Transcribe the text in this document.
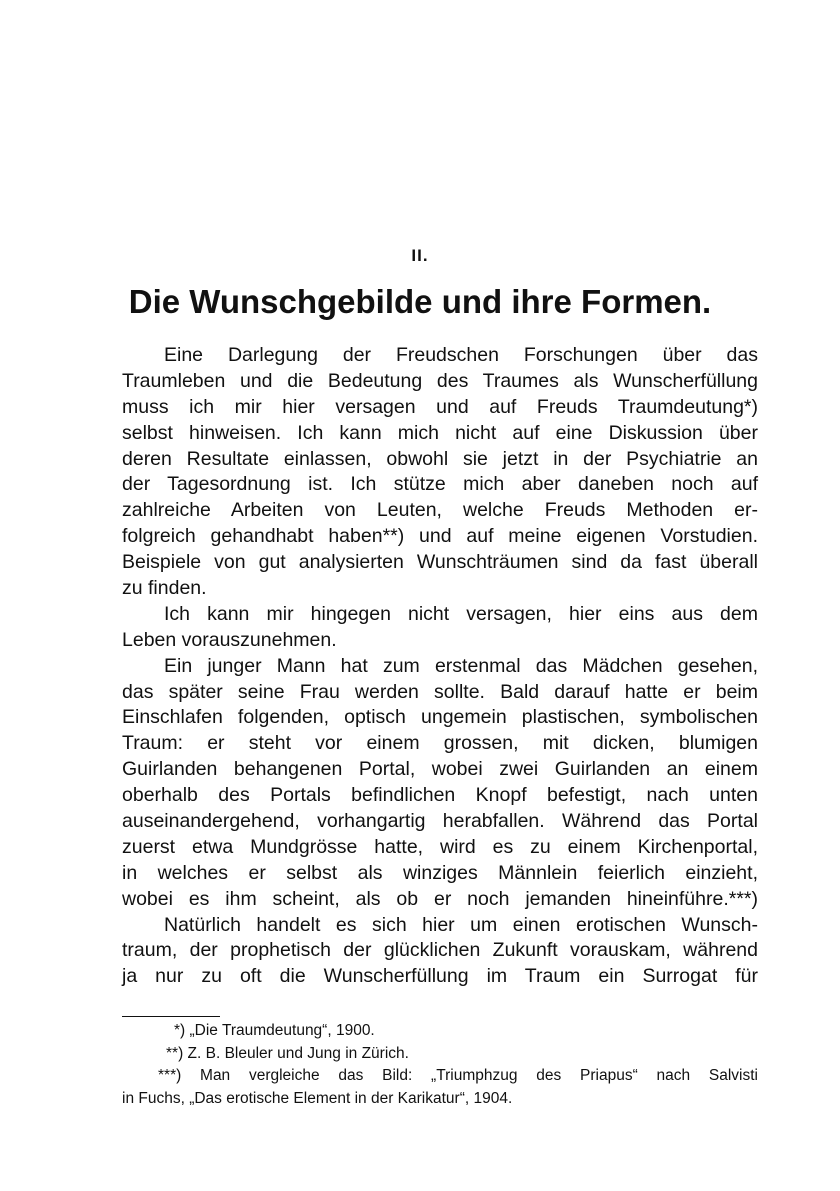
II.
Die Wunschgebilde und ihre Formen.
Eine Darlegung der Freudschen Forschungen über das
Traumleben und die Bedeutung des Traumes als Wunscherfüllung
muss ich mir hier versagen und auf Freuds Traumdeutung*)
selbst hinweisen. Ich kann mich nicht auf eine Diskussion über
deren Resultate einlassen, obwohl sie jetzt in der Psychiatrie an
der Tagesordnung ist. Ich stütze mich aber daneben noch auf
zahlreiche Arbeiten von Leuten, welche Freuds Methoden er-
folgreich gehandhabt haben**) und auf meine eigenen Vorstudien.
Beispiele von gut analysierten Wunschträumen sind da fast überall
zu finden.
Ich kann mir hingegen nicht versagen, hier eins aus dem
Leben vorauszunehmen.
Ein junger Mann hat zum erstenmal das Mädchen gesehen,
das später seine Frau werden sollte. Bald darauf hatte er beim
Einschlafen folgenden, optisch ungemein plastischen, symbolischen
Traum: er steht vor einem grossen, mit dicken, blumigen
Guirlanden behangenen Portal, wobei zwei Guirlanden an einem
oberhalb des Portals befindlichen Knopf befestigt, nach unten
auseinandergehend, vorhangartig herabfallen. Während das Portal
zuerst etwa Mundgrösse hatte, wird es zu einem Kirchenportal,
in welches er selbst als winziges Männlein feierlich einzieht,
wobei es ihm scheint, als ob er noch jemanden hineinführe.***)
Natürlich handelt es sich hier um einen erotischen Wunsch-
traum, der prophetisch der glücklichen Zukunft vorauskam, während
ja nur zu oft die Wunscherfüllung im Traum ein Surrogat für
*) „Die Traumdeutung“, 1900.
**) Z. B. Bleuler und Jung in Zürich.
***) Man vergleiche das Bild: „Triumphzug des Priapus“ nach Salvisti
in Fuchs, „Das erotische Element in der Karikatur“, 1904.
